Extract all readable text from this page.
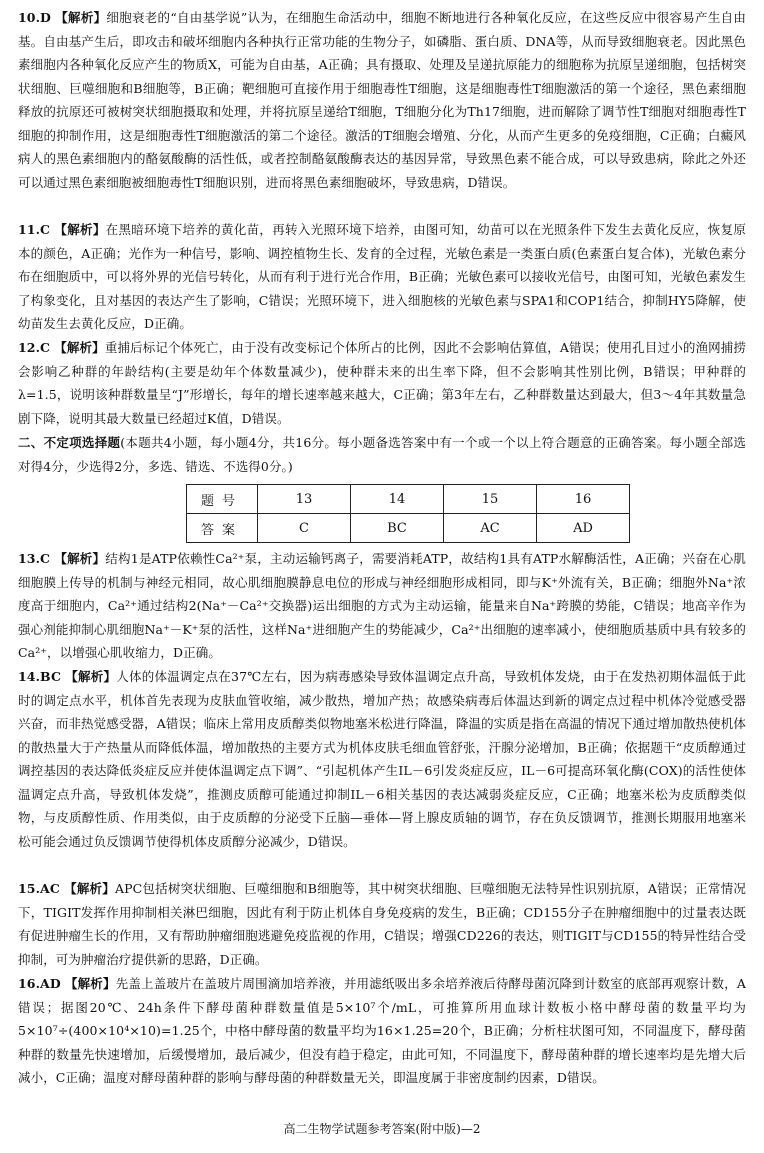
10.D 【解析】细胞衰老的“自由基学说”认为，在细胞生命活动中，细胞不断地进行各种氧化反应，在这些反应中很容易产生自由基。自由基产生后，即攻击和破坏细胞内各种执行正常功能的生物分子，如磷脂、蛋白质、DNA等，从而导致细胞衰老。因此黑色素细胞内各种氧化反应产生的物质X，可能为自由基，A正确；具有摄取、处理及呈递抗原能力的细胞称为抗原呈递细胞，包括树突状细胞、巨噬细胞和B细胞等，B正确；靶细胞可直接作用于细胞毒性T细胞，这是细胞毒性T细胞激活的第一个途径，黑色素细胞释放的抗原还可被树突状细胞摄取和处理，并将抗原呈递给T细胞，T细胞分化为Th17细胞，进而解除了调节性T细胞对细胞毒性T细胞的抑制作用，这是细胞毒性T细胞激活的第二个途径。激活的T细胞会增殖、分化，从而产生更多的免疫细胞，C正确；白癜风病人的黑色素细胞内的酪氨酸酶的活性低，或者控制酪氨酸酶表达的基因异常，导致黑色素不能合成，可以导致患病，除此之外还可以通过黑色素细胞被细胞毒性T细胞识别，进而将黑色素细胞破坏，导致患病，D错误。

11.C 【解析】在黑暗环境下培养的黄化苗，再转入光照环境下培养，由图可知，幼苗可以在光照条件下发生去黄化反应，恢复原本的颜色，A正确；光作为一种信号，影响、调控植物生长、发育的全过程，光敏色素是一类蛋白质(色素蛋白复合体)，光敏色素分布在细胞质中，可以将外界的光信号转化，从而有利于进行光合作用，B正确；光敏色素可以接收光信号，由图可知，光敏色素发生了构象变化，且对基因的表达产生了影响，C错误；光照环境下，进入细胞核的光敏色素与SPA1和COP1结合，抑制HY5降解，使幼苗发生去黄化反应，D正确。

12.C 【解析】重捕后标记个体死亡，由于没有改变标记个体所占的比例，因此不会影响估算值，A错误；使用孔目过小的渔网捕捞会影响乙种群的年龄结构(主要是幼年个体数量减少)，使种群未来的出生率下降，但不会影响其性别比例，B错误；甲种群的λ=1.5，说明该种群数量呈“J”形增长，每年的增长速率越来越大，C正确；第3年左右，乙种群数量达到最大，但3～4年其数量急剧下降，说明其最大数量已经超过K值，D错误。

二、不定项选择题(本题共4小题，每小题4分，共16分。每小题备选答案中有一个或一个以上符合题意的正确答案。每小题全部选对得4分，少选得2分，多选、错选、不选得0分。)

题号	13	14	15	16
答案	C	BC	AC	AD

13.C 【解析】结构1是ATP依赖性Ca²⁺泵，主动运输钙离子，需要消耗ATP，故结构1具有ATP水解酶活性，A正确；兴奋在心肌细胞膜上传导的机制与神经元相同，故心肌细胞膜静息电位的形成与神经细胞形成相同，即与K⁺外流有关，B正确；细胞外Na⁺浓度高于细胞内，Ca²⁺通过结构2(Na⁺－Ca²⁺交换器)运出细胞的方式为主动运输，能量来自Na⁺跨膜的势能，C错误；地高辛作为强心剂能抑制心肌细胞Na⁺－K⁺泵的活性，这样Na⁺进细胞产生的势能减少，Ca²⁺出细胞的速率减小，使细胞质基质中具有较多的Ca²⁺，以增强心肌收缩力，D正确。

14.BC 【解析】人体的体温调定点在37℃左右，因为病毒感染导致体温调定点升高，导致机体发烧，由于在发热初期体温低于此时的调定点水平，机体首先表现为皮肤血管收缩，减少散热，增加产热；故感染病毒后体温达到新的调定点过程中机体冷觉感受器兴奋，而非热觉感受器，A错误；临床上常用皮质醇类似物地塞米松进行降温，降温的实质是指在高温的情况下通过增加散热使机体的散热量大于产热量从而降低体温，增加散热的主要方式为机体皮肤毛细血管舒张，汗腺分泌增加，B正确；依据题干“皮质醇通过调控基因的表达降低炎症反应并使体温调定点下调”、“引起机体产生IL－6引发炎症反应，IL－6可提高环氧化酶(COX)的活性使体温调定点升高，导致机体发烧”，推测皮质醇可能通过抑制IL－6相关基因的表达减弱炎症反应，C正确；地塞米松为皮质醇类似物，与皮质醇性质、作用类似，由于皮质醇的分泌受下丘脑—垂体—肾上腺皮质轴的调节，存在负反馈调节，推测长期服用地塞米松可能会通过负反馈调节使得机体皮质醇分泌减少，D错误。

15.AC 【解析】APC包括树突状细胞、巨噬细胞和B细胞等，其中树突状细胞、巨噬细胞无法特异性识别抗原，A错误；正常情况下，TIGIT发挥作用抑制相关淋巴细胞，因此有利于防止机体自身免疫病的发生，B正确；CD155分子在肿瘤细胞中的过量表达既有促进肿瘤生长的作用，又有帮助肿瘤细胞逃避免疫监视的作用，C错误；增强CD226的表达，则TIGIT与CD155的特异性结合受抑制，可为肿瘤治疗提供新的思路，D正确。

16.AD 【解析】先盖上盖玻片在盖玻片周围滴加培养液，并用滤纸吸出多余培养液后待酵母菌沉降到计数室的底部再观察计数，A错误；据图20℃、24h条件下酵母菌种群数量值是5×10⁷个/mL，可推算所用血球计数板小格中酵母菌的数量平均为5×10⁷÷(400×10⁴×10)=1.25个，中格中酵母菌的数量平均为16×1.25=20个，B正确；分析柱状图可知，不同温度下，酵母菌种群的数量先快速增加，后缓慢增加，最后减少，但没有趋于稳定，由此可知，不同温度下，酵母菌种群的增长速率均是先增大后减小，C正确；温度对酵母菌种群的影响与酵母菌的种群数量无关，即温度属于非密度制约因素，D错误。

高二生物学试题参考答案(附中版)—2
